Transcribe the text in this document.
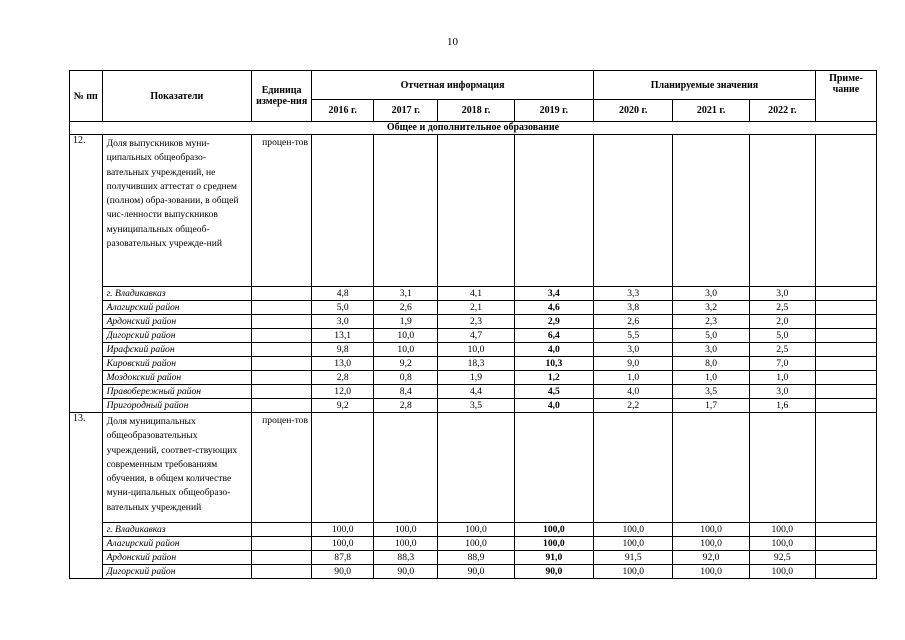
10
№ пп	Показатели	Единица измере-ния	Отчетная информация				Планируемые значения			Приме-чание
			2016 г.	2017 г.	2018 г.	2019 г.	2020 г.	2021 г.	2022 г.	
Общее и дополнительное образование										
12.	Доля выпускников муни-ципальных общеобразо-вательных учреждений, не получивших аттестат о среднем (полном) обра-зовании, в общей чис-ленности выпускников муниципальных общеоб-разовательных учрежде-ний	процен-тов								
	г. Владикавказ		4,8	3,1	4,1	3,4	3,3	3,0	3,0	
	Алагирский район		5,0	2,6	2,1	4,6	3,8	3,2	2,5	
	Ардонский район		3,0	1,9	2,3	2,9	2,6	2,3	2,0	
	Дигорский район		13,1	10,0	4,7	6,4	5,5	5,0	5,0	
	Ирафский район		9,8	10,0	10,0	4,0	3,0	3,0	2,5	
	Кировский район		13,0	9,2	18,3	10,3	9,0	8,0	7,0	
	Моздокский район		2,8	0,8	1,9	1,2	1,0	1,0	1,0	
	Правобережный район		12,0	8,4	4,4	4,5	4,0	3,5	3,0	
	Пригородный район		9,2	2,8	3,5	4,0	2,2	1,7	1,6	
13.	Доля муниципальных общеобразовательных учреждений, соответ-ствующих современным требованиям обучения, в общем количестве муни-ципальных общеобразо-вательных учреждений	процен-тов								
	г. Владикавказ		100,0	100,0	100,0	100,0	100,0	100,0	100,0	
	Алагирский район		100,0	100,0	100,0	100,0	100,0	100,0	100,0	
	Ардонский район		87,8	88,3	88,9	91,0	91,5	92,0	92,5	
	Дигорский район		90,0	90,0	90,0	90,0	100,0	100,0	100,0	
